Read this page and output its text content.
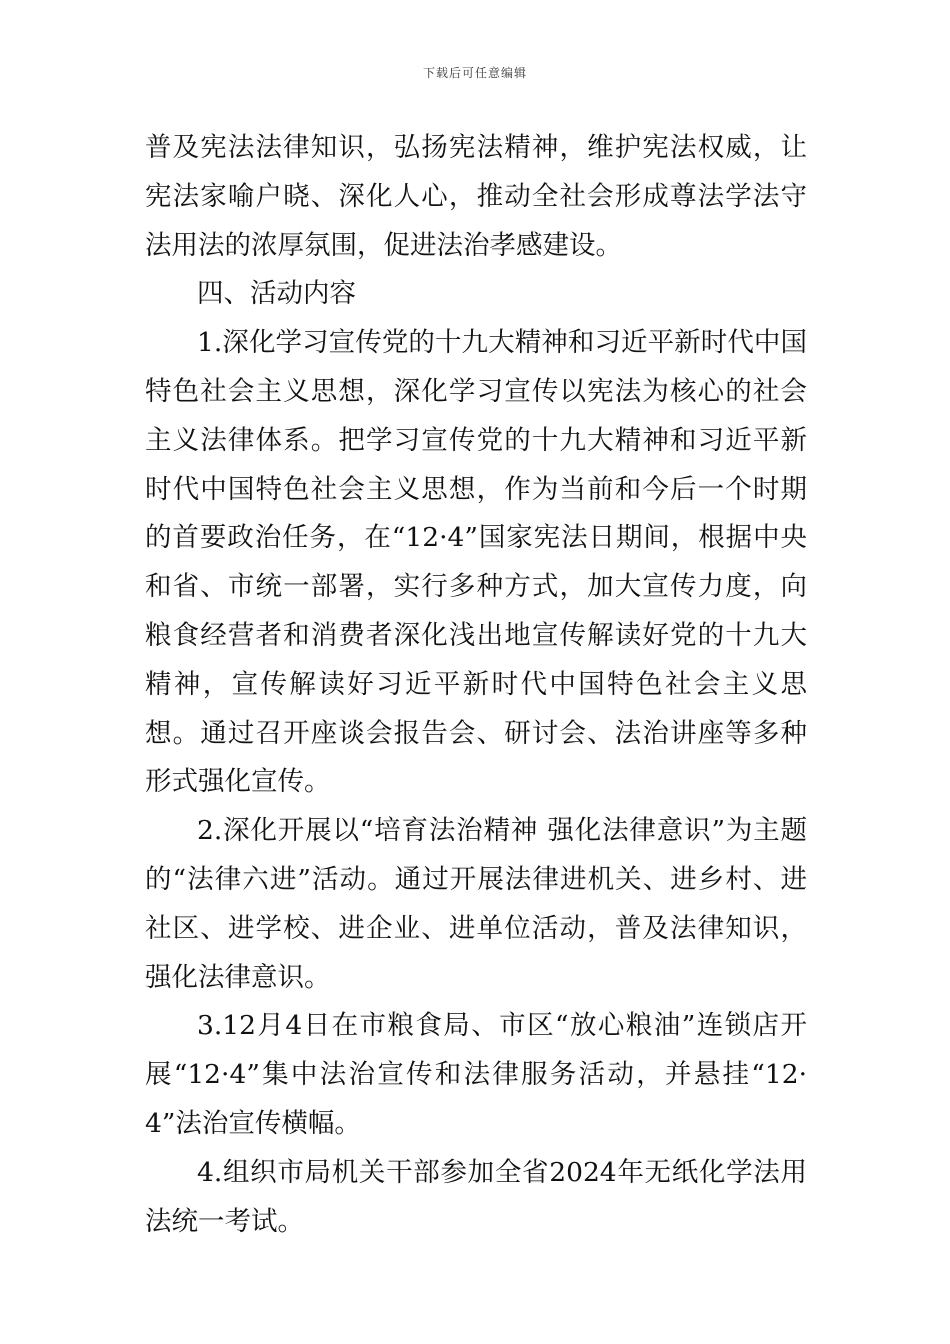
下载后可任意编辑

普及宪法法律知识，弘扬宪法精神，维护宪法权威，让宪法家喻户晓、深化人心，推动全社会形成尊法学法守法用法的浓厚氛围，促进法治孝感建设。

四、活动内容

1.深化学习宣传党的十九大精神和习近平新时代中国特色社会主义思想，深化学习宣传以宪法为核心的社会主义法律体系。把学习宣传党的十九大精神和习近平新时代中国特色社会主义思想，作为当前和今后一个时期的首要政治任务，在“12·4”国家宪法日期间，根据中央和省、市统一部署，实行多种方式，加大宣传力度，向粮食经营者和消费者深化浅出地宣传解读好党的十九大精神，宣传解读好习近平新时代中国特色社会主义思想。通过召开座谈会报告会、研讨会、法治讲座等多种形式强化宣传。

2.深化开展以“培育法治精神 强化法律意识”为主题的“法律六进”活动。通过开展法律进机关、进乡村、进社区、进学校、进企业、进单位活动，普及法律知识，强化法律意识。

3.12月4日在市粮食局、市区“放心粮油”连锁店开展“12·4”集中法治宣传和法律服务活动，并悬挂“12·4”法治宣传横幅。

4.组织市局机关干部参加全省2024年无纸化学法用法统一考试。
